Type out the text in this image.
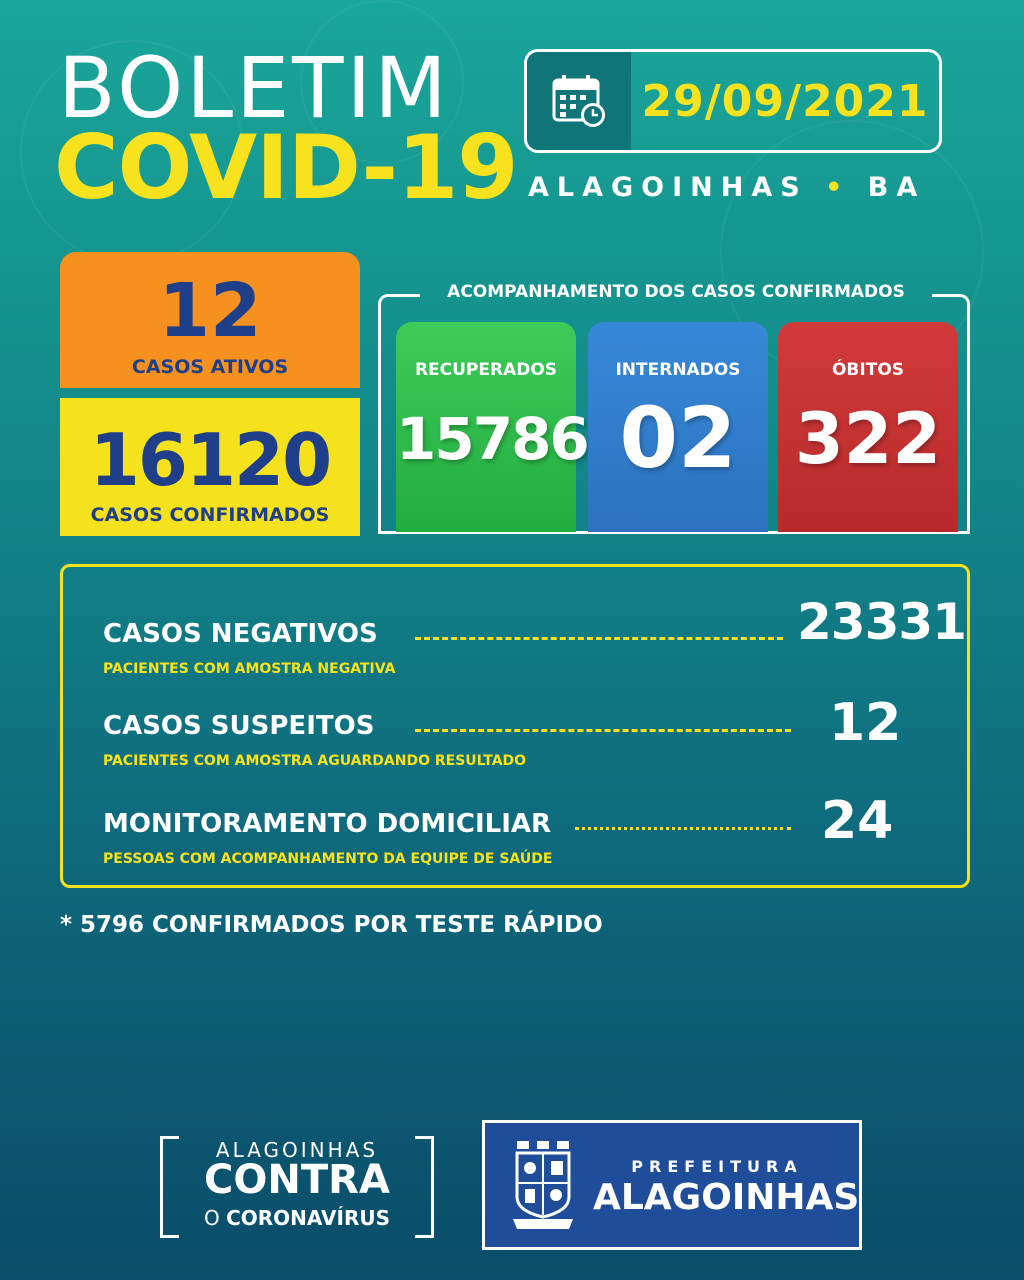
BOLETIM
COVID-19
29/09/2021
ALAGOINHAS • BA
12
CASOS ATIVOS
16120
CASOS CONFIRMADOS
ACOMPANHAMENTO DOS CASOS CONFIRMADOS
RECUPERADOS
15786
INTERNADOS
02
ÓBITOS
322
CASOS NEGATIVOS	23331
PACIENTES COM AMOSTRA NEGATIVA
CASOS SUSPEITOS	12
PACIENTES COM AMOSTRA AGUARDANDO RESULTADO
MONITORAMENTO DOMICILIAR	24
PESSOAS COM ACOMPANHAMENTO DA EQUIPE DE SAÚDE
* 5796 CONFIRMADOS POR TESTE RÁPIDO
ALAGOINHAS
CONTRA
O CORONAVÍRUS
PREFEITURA
ALAGOINHAS
